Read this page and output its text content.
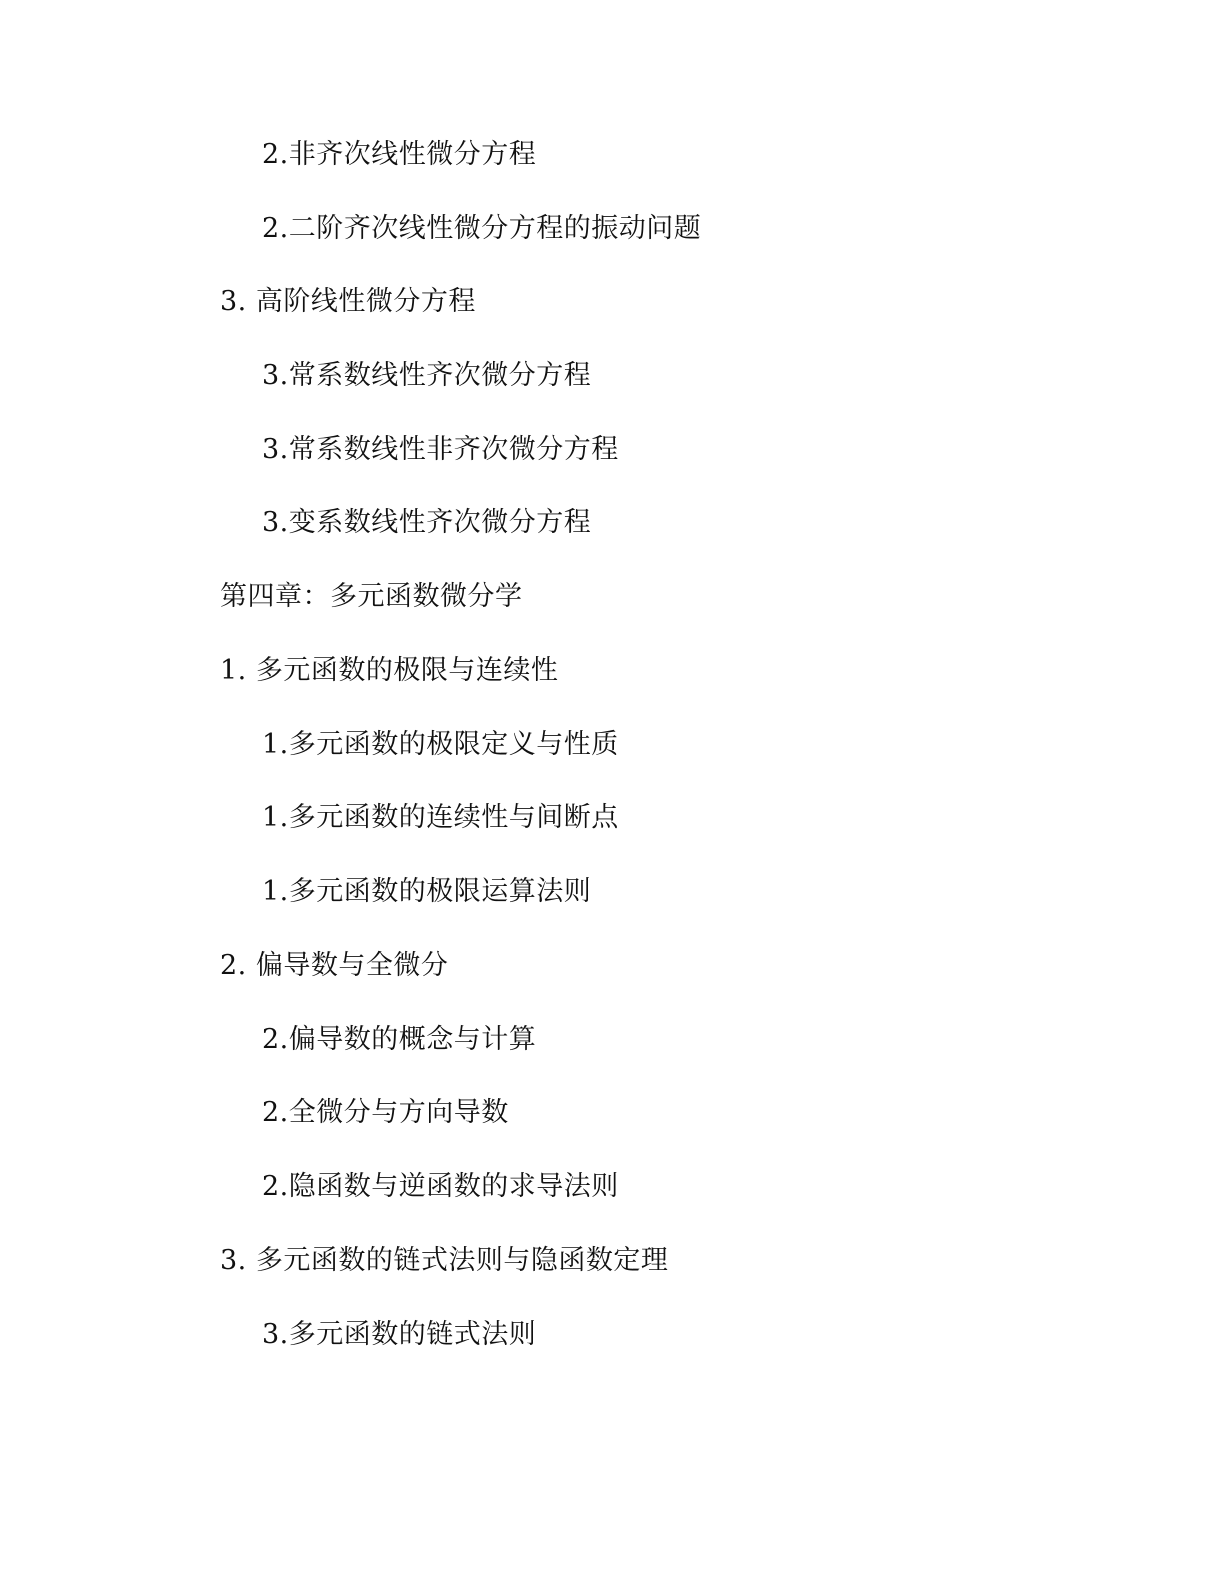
2.非齐次线性微分方程
2.二阶齐次线性微分方程的振动问题
3. 高阶线性微分方程
3.常系数线性齐次微分方程
3.常系数线性非齐次微分方程
3.变系数线性齐次微分方程
第四章：多元函数微分学
1. 多元函数的极限与连续性
1.多元函数的极限定义与性质
1.多元函数的连续性与间断点
1.多元函数的极限运算法则
2. 偏导数与全微分
2.偏导数的概念与计算
2.全微分与方向导数
2.隐函数与逆函数的求导法则
3. 多元函数的链式法则与隐函数定理
3.多元函数的链式法则
